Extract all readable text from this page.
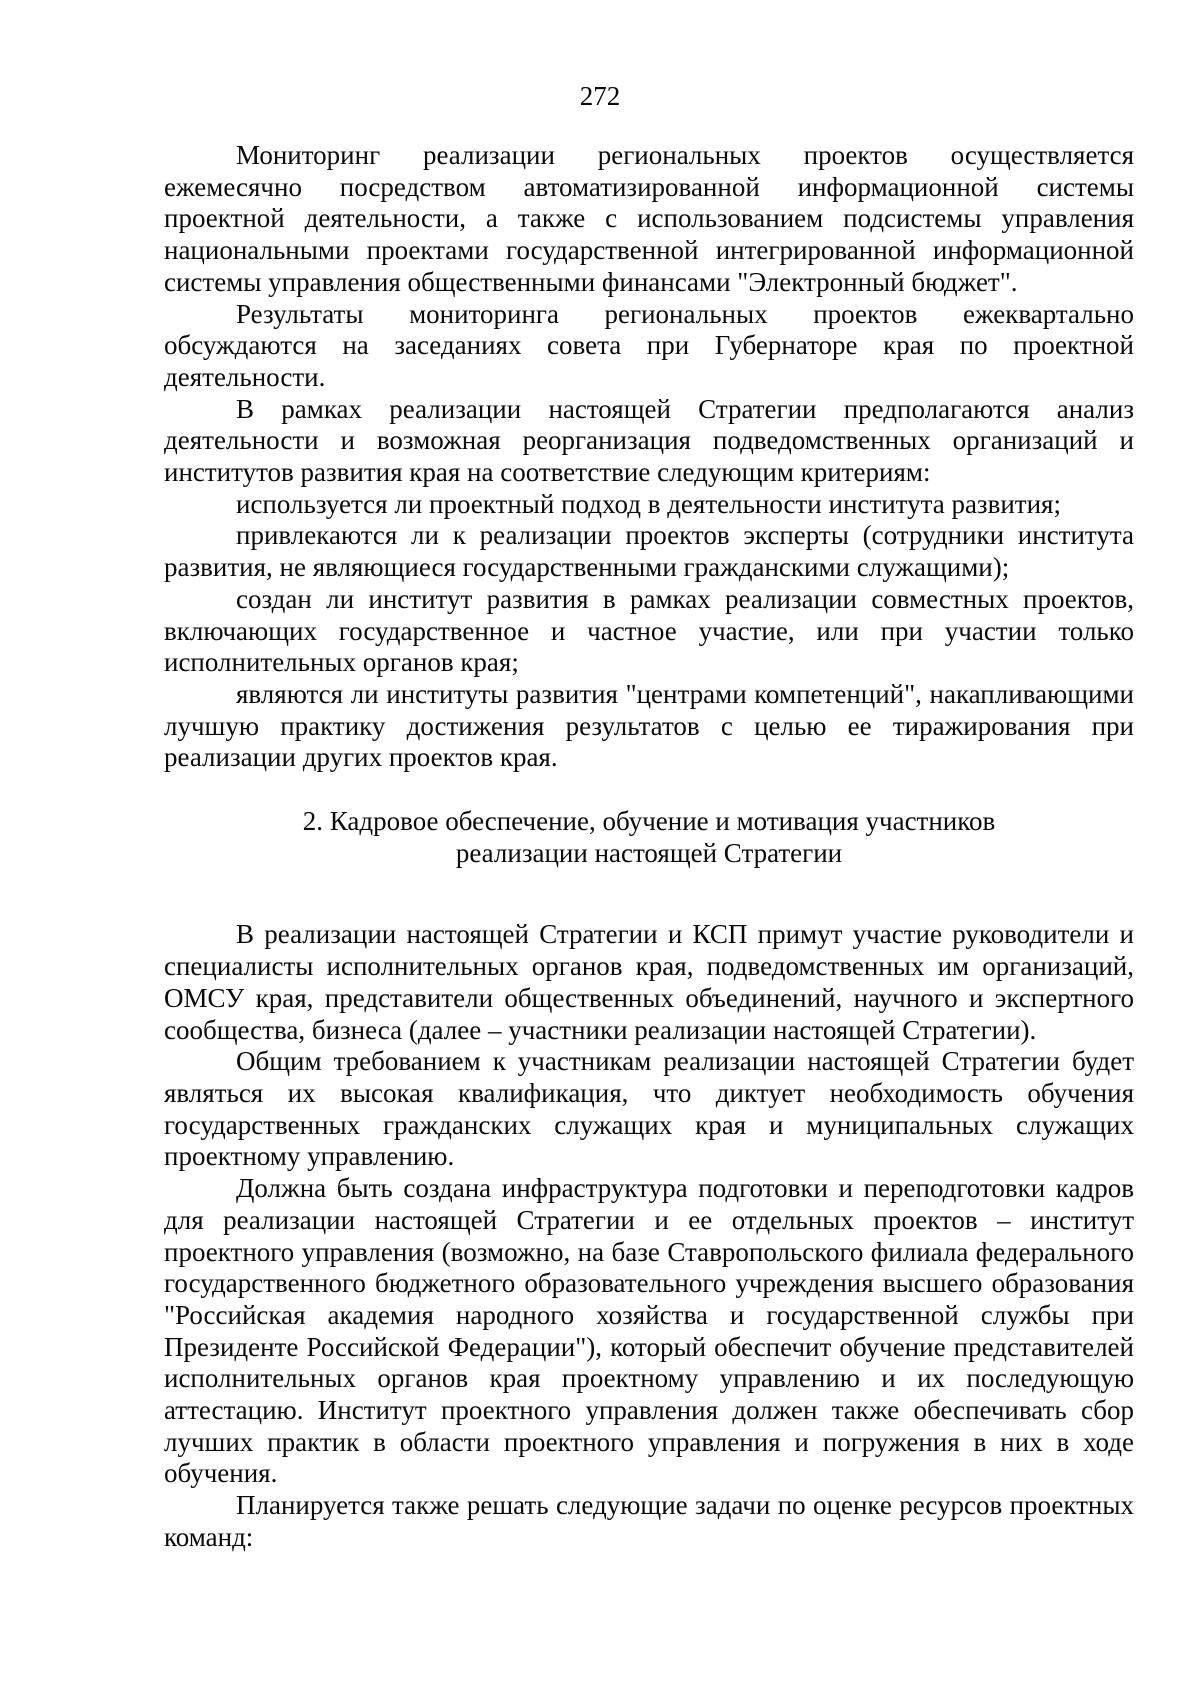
272

Мониторинг реализации региональных проектов осуществляется ежемесячно посредством автоматизированной информационной системы проектной деятельности, а также с использованием подсистемы управления национальными проектами государственной интегрированной информационной системы управления общественными финансами "Электронный бюджет".

Результаты мониторинга региональных проектов ежеквартально обсуждаются на заседаниях совета при Губернаторе края по проектной деятельности.

В рамках реализации настоящей Стратегии предполагаются анализ деятельности и возможная реорганизация подведомственных организаций и институтов развития края на соответствие следующим критериям:

используется ли проектный подход в деятельности института развития;

привлекаются ли к реализации проектов эксперты (сотрудники института развития, не являющиеся государственными гражданскими служащими);

создан ли институт развития в рамках реализации совместных проектов, включающих государственное и частное участие, или при участии только исполнительных органов края;

являются ли институты развития "центрами компетенций", накапливающими лучшую практику достижения результатов с целью ее тиражирования при реализации других проектов края.

2. Кадровое обеспечение, обучение и мотивация участников
реализации настоящей Стратегии

В реализации настоящей Стратегии и КСП примут участие руководители и специалисты исполнительных органов края, подведомственных им организаций, ОМСУ края, представители общественных объединений, научного и экспертного сообщества, бизнеса (далее – участники реализации настоящей Стратегии).

Общим требованием к участникам реализации настоящей Стратегии будет являться их высокая квалификация, что диктует необходимость обучения государственных гражданских служащих края и муниципальных служащих проектному управлению.

Должна быть создана инфраструктура подготовки и переподготовки кадров для реализации настоящей Стратегии и ее отдельных проектов – институт проектного управления (возможно, на базе Ставропольского филиала федерального государственного бюджетного образовательного учреждения высшего образования "Российская академия народного хозяйства и государственной службы при Президенте Российской Федерации"), который обеспечит обучение представителей исполнительных органов края проектному управлению и их последующую аттестацию. Институт проектного управления должен также обеспечивать сбор лучших практик в области проектного управления и погружения в них в ходе обучения.

Планируется также решать следующие задачи по оценке ресурсов проектных команд:
